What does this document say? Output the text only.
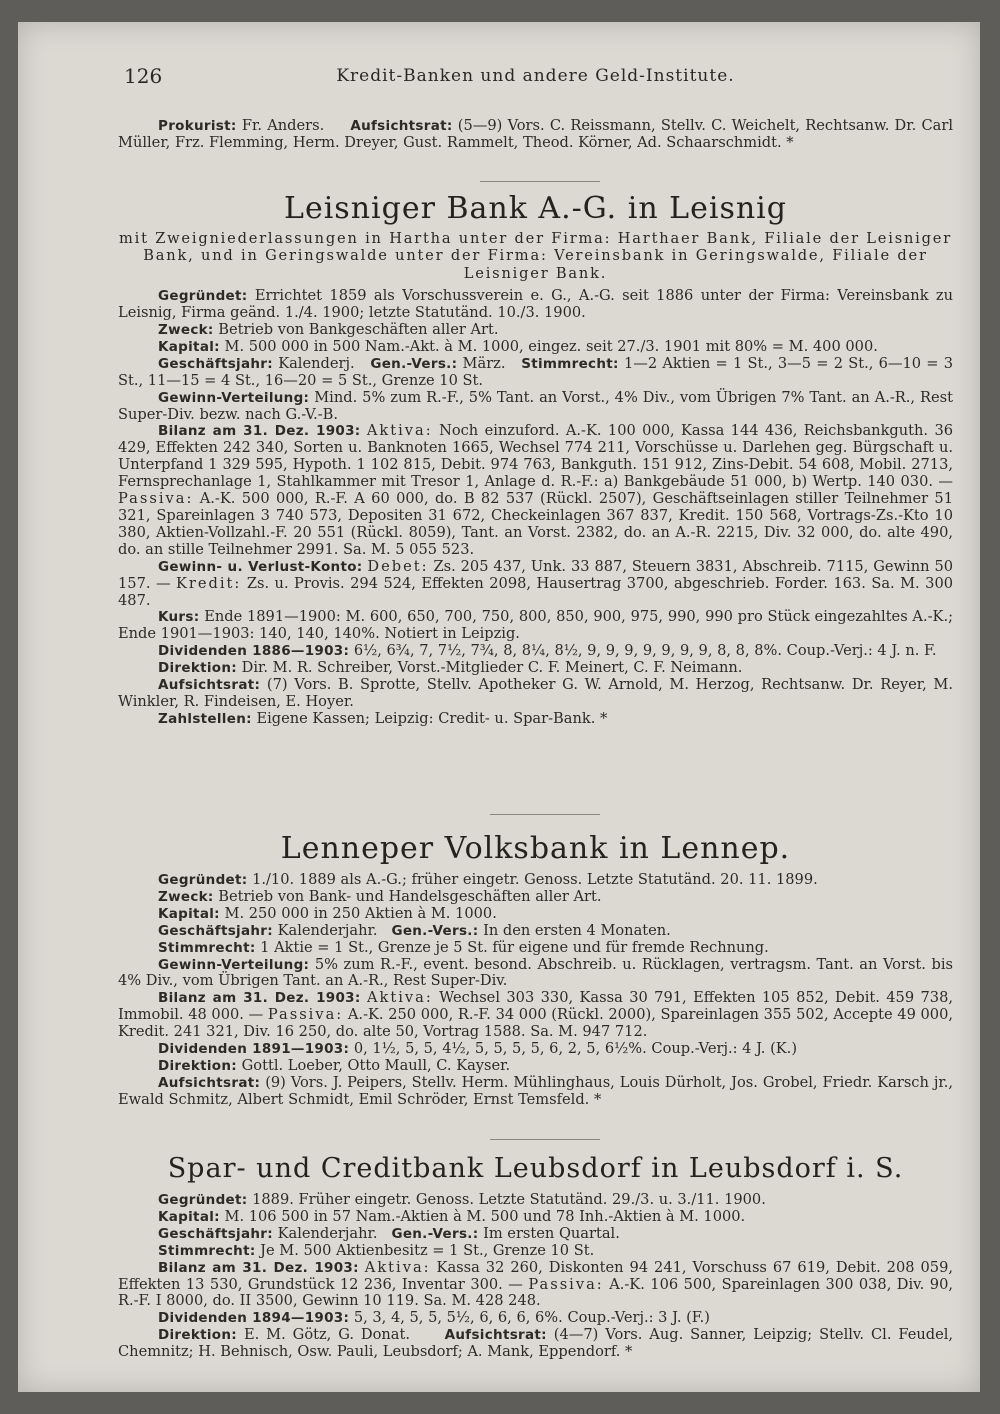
126	Kredit-Banken und andere Geld-Institute.

Prokurist: Fr. Anders. Aufsichtsrat: (5—9) Vors. C. Reissmann, Stellv. C. Weichelt, Rechtsanw. Dr. Carl Müller, Frz. Flemming, Herm. Dreyer, Gust. Rammelt, Theod. Körner, Ad. Schaarschmidt. *

Leisniger Bank A.-G. in Leisnig
mit Zweigniederlassungen in Hartha unter der Firma: Harthaer Bank, Filiale der Leisniger Bank, und in Geringswalde unter der Firma: Vereinsbank in Geringswalde, Filiale der Leisniger Bank.

Gegründet: Errichtet 1859 als Vorschussverein e. G., A.-G. seit 1886 unter der Firma: Vereinsbank zu Leisnig, Firma geänd. 1./4. 1900; letzte Statutänd. 10./3. 1900.

Zweck: Betrieb von Bankgeschäften aller Art.

Kapital: M. 500 000 in 500 Nam.-Akt. à M. 1000, eingez. seit 27./3. 1901 mit 80% = M. 400 000.

Geschäftsjahr: Kalenderj. Gen.-Vers.: März. Stimmrecht: 1—2 Aktien = 1 St., 3—5 = 2 St., 6—10 = 3 St., 11—15 = 4 St., 16—20 = 5 St., Grenze 10 St.

Gewinn-Verteilung: Mind. 5% zum R.-F., 5% Tant. an Vorst., 4% Div., vom Übrigen 7% Tant. an A.-R., Rest Super-Div. bezw. nach G.-V.-B.

Bilanz am 31. Dez. 1903: Aktiva: Noch einzuford. A.-K. 100 000, Kassa 144 436, Reichsbankguth. 36 429, Effekten 242 340, Sorten u. Banknoten 1665, Wechsel 774 211, Vorschüsse u. Darlehen geg. Bürgschaft u. Unterpfand 1 329 595, Hypoth. 1 102 815, Debit. 974 763, Bankguth. 151 912, Zins-Debit. 54 608, Mobil. 2713, Fernsprechanlage 1, Stahlkammer mit Tresor 1, Anlage d. R.-F.: a) Bankgebäude 51 000, b) Wertp. 140 030. — Passiva: A.-K. 500 000, R.-F. A 60 000, do. B 82 537 (Rückl. 2507), Geschäftseinlagen stiller Teilnehmer 51 321, Spareinlagen 3 740 573, Depositen 31 672, Checkeinlagen 367 837, Kredit. 150 568, Vortrags-Zs.-Kto 10 380, Aktien-Vollzahl.-F. 20 551 (Rückl. 8059), Tant. an Vorst. 2382, do. an A.-R. 2215, Div. 32 000, do. alte 490, do. an stille Teilnehmer 2991. Sa. M. 5 055 523.

Gewinn- u. Verlust-Konto: Debet: Zs. 205 437, Unk. 33 887, Steuern 3831, Abschreib. 7115, Gewinn 50 157. — Kredit: Zs. u. Provis. 294 524, Effekten 2098, Hausertrag 3700, abgeschrieb. Forder. 163. Sa. M. 300 487.

Kurs: Ende 1891—1900: M. 600, 650, 700, 750, 800, 850, 900, 975, 990, 990 pro Stück eingezahltes A.-K.; Ende 1901—1903: 140, 140, 140%. Notiert in Leipzig.

Dividenden 1886—1903: 6½, 6¾, 7, 7½, 7¾, 8, 8¼, 8½, 9, 9, 9, 9, 9, 9, 9, 8, 8, 8%. Coup.-Verj.: 4 J. n. F.

Direktion: Dir. M. R. Schreiber, Vorst.-Mitglieder C. F. Meinert, C. F. Neimann.

Aufsichtsrat: (7) Vors. B. Sprotte, Stellv. Apotheker G. W. Arnold, M. Herzog, Rechtsanw. Dr. Reyer, M. Winkler, R. Findeisen, E. Hoyer.

Zahlstellen: Eigene Kassen; Leipzig: Credit- u. Spar-Bank. *

Lenneper Volksbank in Lennep.

Gegründet: 1./10. 1889 als A.-G.; früher eingetr. Genoss. Letzte Statutänd. 20. 11. 1899.

Zweck: Betrieb von Bank- und Handelsgeschäften aller Art.

Kapital: M. 250 000 in 250 Aktien à M. 1000.

Geschäftsjahr: Kalenderjahr. Gen.-Vers.: In den ersten 4 Monaten.

Stimmrecht: 1 Aktie = 1 St., Grenze je 5 St. für eigene und für fremde Rechnung.

Gewinn-Verteilung: 5% zum R.-F., event. besond. Abschreib. u. Rücklagen, vertragsm. Tant. an Vorst. bis 4% Div., vom Übrigen Tant. an A.-R., Rest Super-Div.

Bilanz am 31. Dez. 1903: Aktiva: Wechsel 303 330, Kassa 30 791, Effekten 105 852, Debit. 459 738, Immobil. 48 000. — Passiva: A.-K. 250 000, R.-F. 34 000 (Rückl. 2000), Spareinlagen 355 502, Accepte 49 000, Kredit. 241 321, Div. 16 250, do. alte 50, Vortrag 1588. Sa. M. 947 712.

Dividenden 1891—1903: 0, 1½, 5, 5, 4½, 5, 5, 5, 5, 6, 2, 5, 6½%. Coup.-Verj.: 4 J. (K.)

Direktion: Gottl. Loeber, Otto Maull, C. Kayser.

Aufsichtsrat: (9) Vors. J. Peipers, Stellv. Herm. Mühlinghaus, Louis Dürholt, Jos. Grobel, Friedr. Karsch jr., Ewald Schmitz, Albert Schmidt, Emil Schröder, Ernst Temsfeld. *

Spar- und Creditbank Leubsdorf in Leubsdorf i. S.

Gegründet: 1889. Früher eingetr. Genoss. Letzte Statutänd. 29./3. u. 3./11. 1900.

Kapital: M. 106 500 in 57 Nam.-Aktien à M. 500 und 78 Inh.-Aktien à M. 1000.

Geschäftsjahr: Kalenderjahr. Gen.-Vers.: Im ersten Quartal.

Stimmrecht: Je M. 500 Aktienbesitz = 1 St., Grenze 10 St.

Bilanz am 31. Dez. 1903: Aktiva: Kassa 32 260, Diskonten 94 241, Vorschuss 67 619, Debit. 208 059, Effekten 13 530, Grundstück 12 236, Inventar 300. — Passiva: A.-K. 106 500, Spareinlagen 300 038, Div. 90, R.-F. I 8000, do. II 3500, Gewinn 10 119. Sa. M. 428 248.

Dividenden 1894—1903: 5, 3, 4, 5, 5, 5½, 6, 6, 6, 6%. Coup.-Verj.: 3 J. (F.)

Direktion: E. M. Götz, G. Donat.	Aufsichtsrat: (4—7) Vors. Aug. Sanner, Leipzig; Stellv. Cl. Feudel, Chemnitz; H. Behnisch, Osw. Pauli, Leubsdorf; A. Mank, Eppendorf. *
